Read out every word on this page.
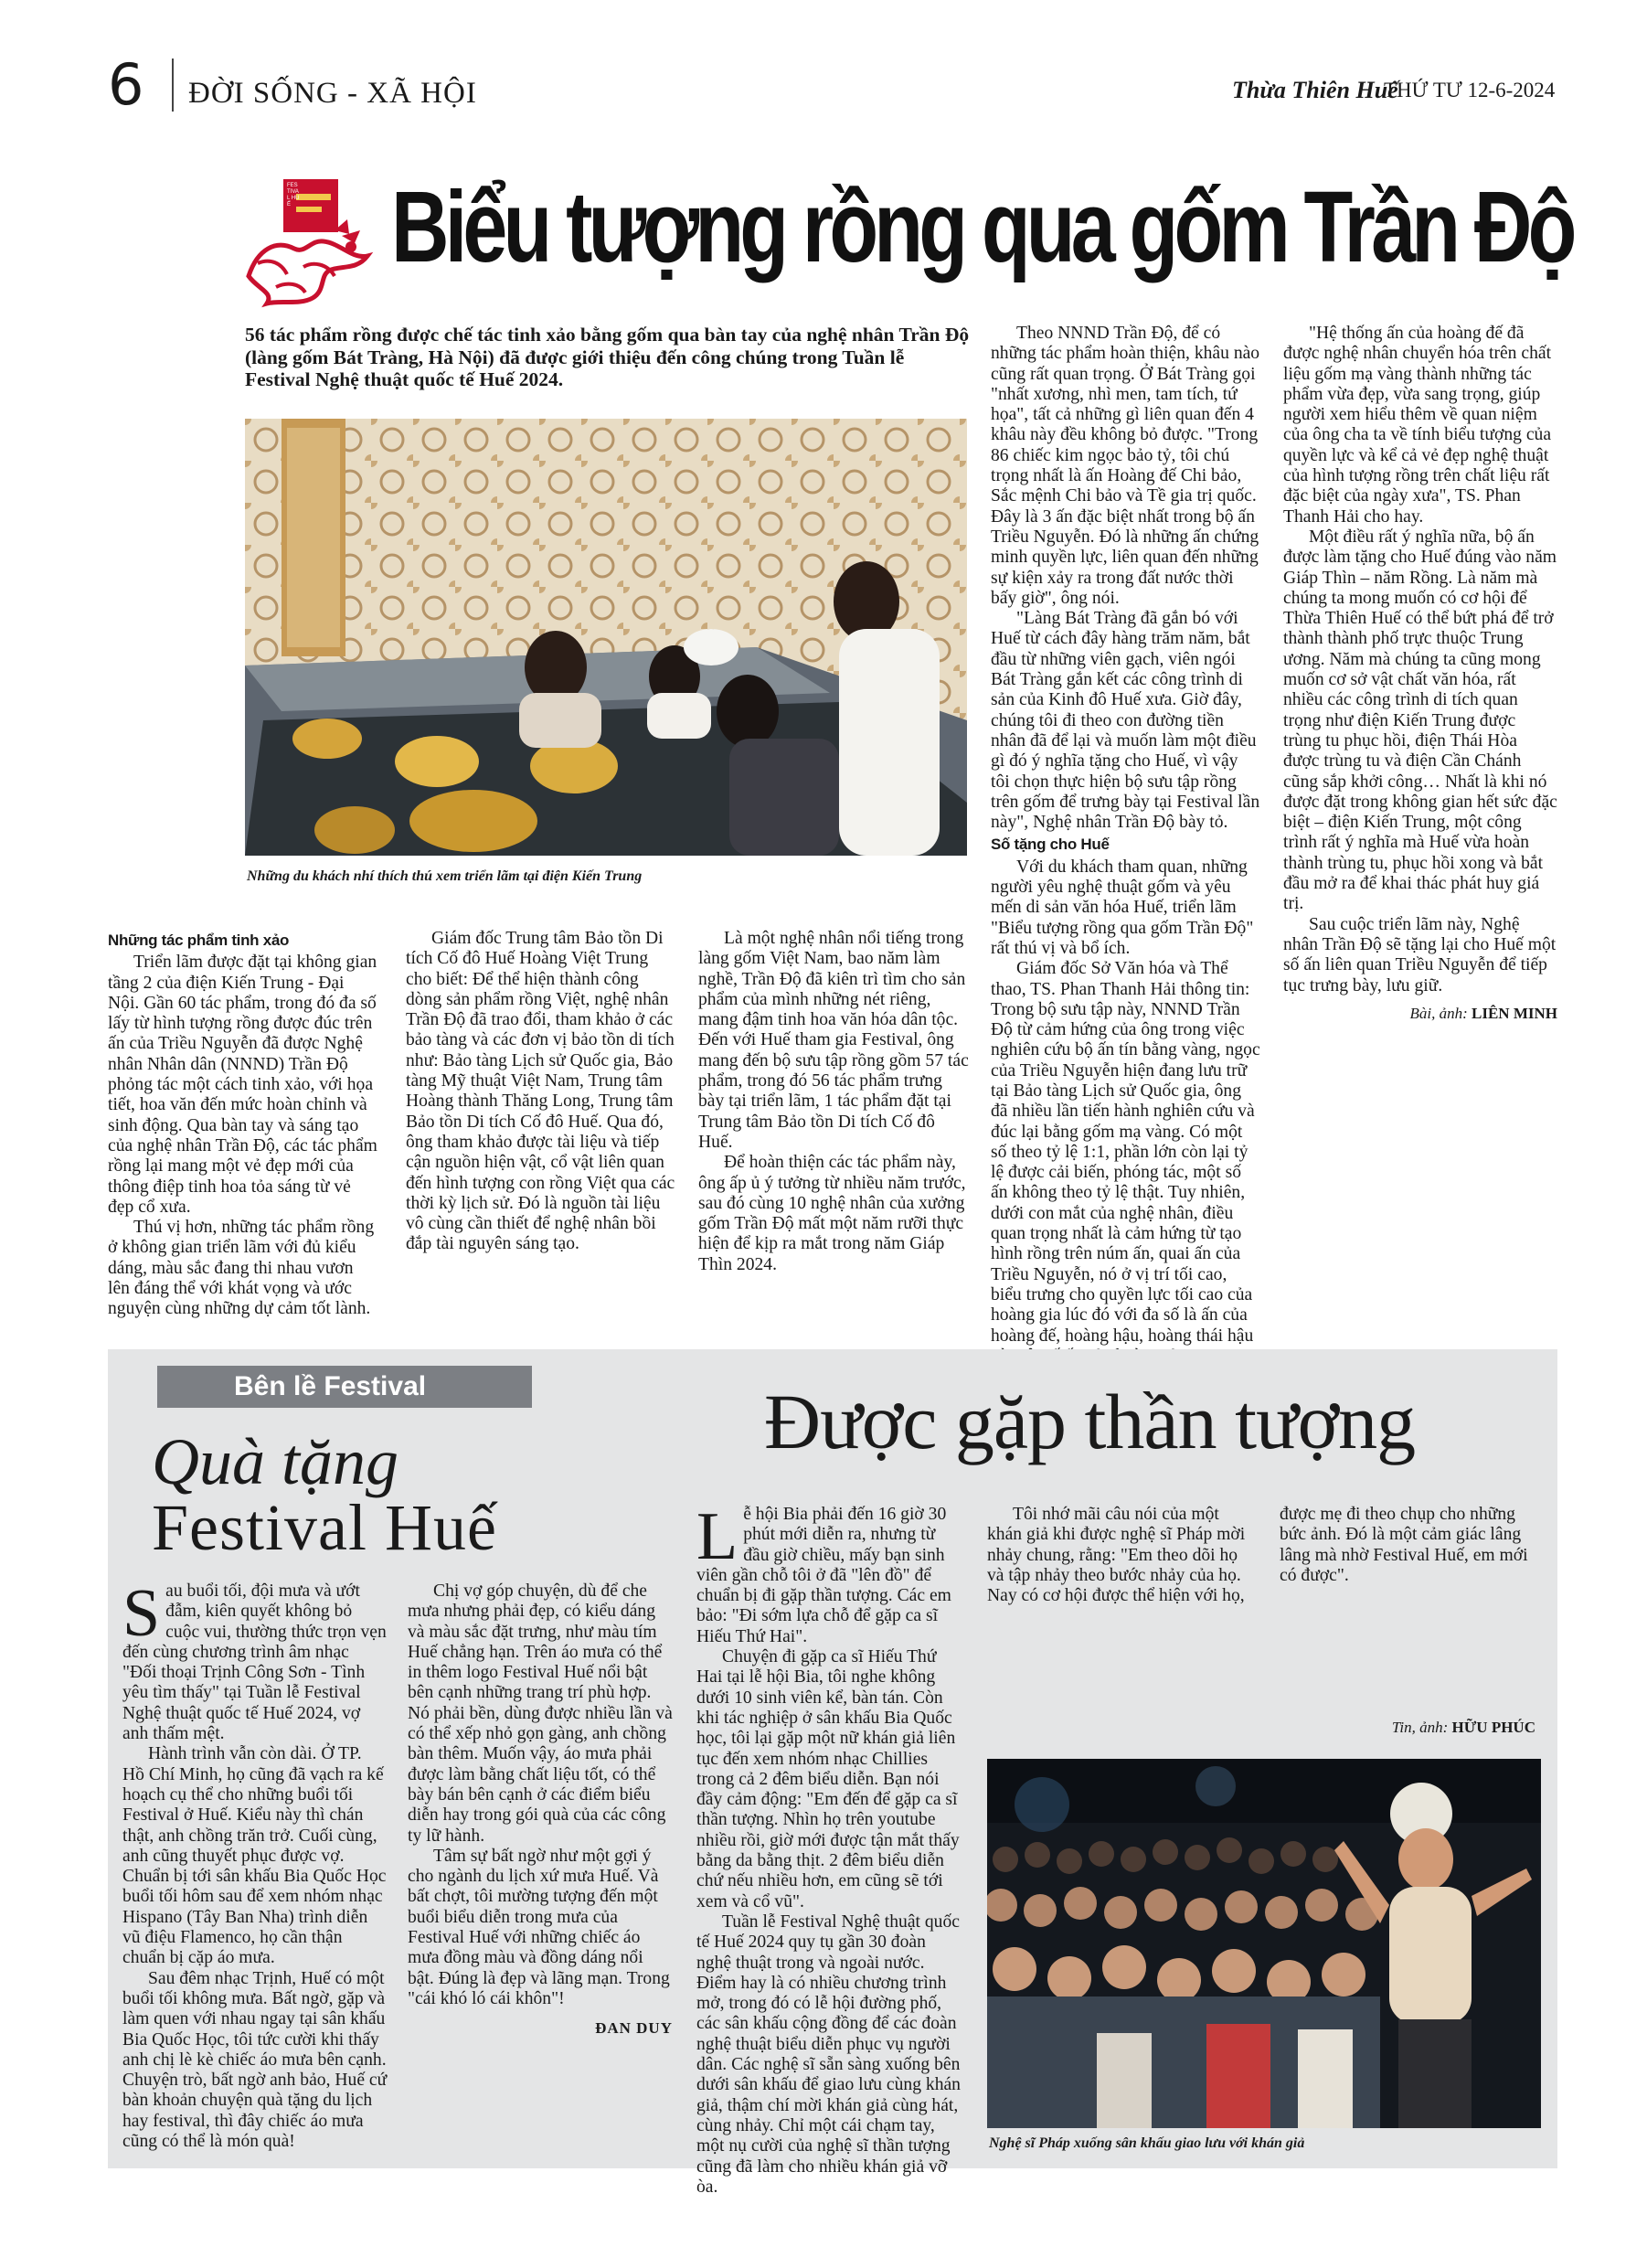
6 ĐỜI SỐNG - XÃ HỘI	Thừa Thiên Huế
THỨ TƯ 12-6-2024
FESTIVAL HUẾ Biểu tượng rồng qua gốm Trần Độ
56 tác phẩm rồng được chế tác tinh xảo bằng gốm qua bàn tay của nghệ nhân Trần Độ (làng gốm Bát Tràng, Hà Nội) đã được giới thiệu đến công chúng trong Tuần lễ Festival Nghệ thuật quốc tế Huế 2024.
Những du khách nhí thích thú xem triển lãm tại điện Kiến Trung
Những tác phẩm tinh xảo

Triển lãm được đặt tại không gian tầng 2 của điện Kiến Trung - Đại Nội. Gần 60 tác phẩm, trong đó đa số lấy từ hình tượng rồng được đúc trên ấn của Triều Nguyễn đã được Nghệ nhân Nhân dân (NNND) Trần Độ phỏng tác một cách tinh xảo, với họa tiết, hoa văn đến mức hoàn chỉnh và sinh động. Qua bàn tay và sáng tạo của nghệ nhân Trần Độ, các tác phẩm rồng lại mang một vẻ đẹp mới của thông điệp tinh hoa tỏa sáng từ vẻ đẹp cổ xưa.

Thú vị hơn, những tác phẩm rồng ở không gian triển lãm với đủ kiểu dáng, màu sắc đang thi nhau vươn lên đáng thể với khát vọng và ước nguyện cùng những dự cảm tốt lành.

Giám đốc Trung tâm Bảo tồn Di tích Cố đô Huế Hoàng Việt Trung cho biết: Để thể hiện thành công dòng sản phẩm rồng Việt, nghệ nhân Trần Độ đã trao đổi, tham khảo ở các bảo tàng và các đơn vị bảo tồn di tích như: Bảo tàng Lịch sử Quốc gia, Bảo tàng Mỹ thuật Việt Nam, Trung tâm Hoàng thành Thăng Long, Trung tâm Bảo tồn Di tích Cố đô Huế. Qua đó, ông tham khảo được tài liệu và tiếp cận nguồn hiện vật, cổ vật liên quan đến hình tượng con rồng Việt qua các thời kỳ lịch sử. Đó là nguồn tài liệu vô cùng cần thiết để nghệ nhân bồi đắp tài nguyên sáng tạo.

Là một nghệ nhân nổi tiếng trong làng gốm Việt Nam, bao năm làm nghề, Trần Độ đã kiên trì tìm cho sản phẩm của mình những nét riêng, mang đậm tinh hoa văn hóa dân tộc. Đến với Huế tham gia Festival, ông mang đến bộ sưu tập rồng gồm 57 tác phẩm, trong đó 56 tác phẩm trưng bày tại triển lãm, 1 tác phẩm đặt tại Trung tâm Bảo tồn Di tích Cố đô Huế.

Để hoàn thiện các tác phẩm này, ông ấp ủ ý tưởng từ nhiều năm trước, sau đó cùng 10 nghệ nhân của xưởng gốm Trần Độ mất một năm rưỡi thực hiện để kịp ra mắt trong năm Giáp Thìn 2024.

Theo NNND Trần Độ, để có những tác phẩm hoàn thiện, khâu nào cũng rất quan trọng. Ở Bát Tràng gọi "nhất xương, nhì men, tam tích, tứ họa", tất cả những gì liên quan đến 4 khâu này đều không bỏ được. "Trong 86 chiếc kim ngọc bảo tỷ, tôi chú trọng nhất là ấn Hoàng đế Chi bảo, Sắc mệnh Chi bảo và Tề gia trị quốc. Đây là 3 ấn đặc biệt nhất trong bộ ấn Triều Nguyễn. Đó là những ấn chứng minh quyền lực, liên quan đến những sự kiện xảy ra trong đất nước thời bấy giờ", ông nói.

"Làng Bát Tràng đã gắn bó với Huế từ cách đây hàng trăm năm, bắt đầu từ những viên gạch, viên ngói Bát Tràng gắn kết các công trình di sản của Kinh đô Huế xưa. Giờ đây, chúng tôi đi theo con đường tiền nhân đã để lại và muốn làm một điều gì đó ý nghĩa tặng cho Huế, vì vậy tôi chọn thực hiện bộ sưu tập rồng trên gốm để trưng bày tại Festival lần này", Nghệ nhân Trần Độ bày tỏ.

Số tặng cho Huế

Với du khách tham quan, những người yêu nghệ thuật gốm và yêu mến di sản văn hóa Huế, triển lãm "Biểu tượng rồng qua gốm Trần Độ" rất thú vị và bổ ích.

Giám đốc Sở Văn hóa và Thể thao, TS. Phan Thanh Hải thông tin: Trong bộ sưu tập này, NNND Trần Độ từ cảm hứng của ông trong việc nghiên cứu bộ ấn tín bằng vàng, ngọc của Triều Nguyễn hiện đang lưu trữ tại Bảo tàng Lịch sử Quốc gia, ông đã nhiều lần tiến hành nghiên cứu và đúc lại bằng gốm mạ vàng. Có một số theo tỷ lệ 1:1, phần lớn còn lại tỷ lệ được cải biến, phóng tác, một số ấn không theo tỷ lệ thật. Tuy nhiên, dưới con mắt của nghệ nhân, điều quan trọng nhất là cảm hứng từ tạo hình rồng trên núm ấn, quai ấn của Triều Nguyễn, nó ở vị trí tối cao, biểu trưng cho quyền lực tối cao của hoàng gia lúc đó với đa số là ấn của hoàng đế, hoàng hậu, hoàng thái hậu

"Hệ thống ấn của hoàng đế đã được nghệ nhân chuyển hóa trên chất liệu gốm mạ vàng thành những tác phẩm vừa đẹp, vừa sang trọng, giúp người xem hiểu thêm về quan niệm của ông cha ta về tính biểu tượng của quyền lực và kể cả vẻ đẹp nghệ thuật của hình tượng rồng trên chất liệu rất đặc biệt của ngày xưa", TS. Phan Thanh Hải cho hay.

Một điều rất ý nghĩa nữa, bộ ấn được làm tặng cho Huế đúng vào năm Giáp Thìn – năm Rồng. Là năm mà chúng ta mong muốn có cơ hội để Thừa Thiên Huế có thể bứt phá để trở thành thành phố trực thuộc Trung ương. Năm mà chúng ta cũng mong muốn cơ sở vật chất văn hóa, rất nhiều các công trình di tích quan trọng như điện Kiến Trung được trùng tu phục hồi, điện Thái Hòa được trùng tu và điện Cần Chánh cũng sắp khởi công… Nhất là khi nó được đặt trong không gian hết sức đặc biệt – điện Kiến Trung, một công trình rất ý nghĩa mà Huế vừa hoàn thành trùng tu, phục hồi xong và bắt đầu mở ra để khai thác phát huy giá trị.

Sau cuộc triển lãm này, Nghệ nhân Trần Độ sẽ tặng lại cho Huế một số ấn liên quan Triều Nguyễn để tiếp tục trưng bày, lưu giữ.

Bài, ảnh: LIÊN MINH
Bên lề Festival
Quà tặng
Festival Huế
Được gặp thần tượng

S au buổi tối, đội mưa và ướt đẫm, kiên quyết không bỏ cuộc vui, thường thức trọn vẹn đến cùng chương trình âm nhạc "Đối thoại Trịnh Công Sơn - Tình yêu tìm thấy" tại Tuần lễ Festival Nghệ thuật quốc tế Huế 2024, vợ anh thấm mệt.

Hành trình vẫn còn dài. Ở TP. Hồ Chí Minh, họ cũng đã vạch ra kế hoạch cụ thể cho những buổi tối Festival ở Huế. Kiểu này thì chán thật, anh chồng trăn trở. Cuối cùng, anh cũng thuyết phục được vợ. Chuẩn bị tới sân khấu Bia Quốc Học buổi tối hôm sau để xem nhóm nhạc Hispano (Tây Ban Nha) trình diễn vũ điệu Flamenco, họ cần thận chuẩn bị cặp áo mưa.

Sau đêm nhạc Trịnh, Huế có một buổi tối không mưa. Bất ngờ, gặp và làm quen với nhau ngay tại sân khấu Bia Quốc Học, tôi tức cười khi thấy anh chị lè kè chiếc áo mưa bên cạnh. Chuyện trò, bất ngờ anh bảo, Huế cứ bàn khoản chuyện quà tặng du lịch hay festival, thì đây chiếc áo mưa cũng có thể là món quà!

Chị vợ góp chuyện, dù để che mưa nhưng phải đẹp, có kiểu dáng và màu sắc đặt trưng, như màu tím Huế chẳng hạn. Trên áo mưa có thể in thêm logo Festival Huế nổi bật bên cạnh những trang trí phù hợp. Nó phải bền, dùng được nhiều lần và có thể xếp nhỏ gọn gàng, anh chồng bàn thêm. Muốn vậy, áo mưa phải được làm bằng chất liệu tốt, có thể bày bán bên cạnh ở các điểm biểu diễn hay trong gói quà của các công ty lữ hành.

Tâm sự bất ngờ như một gợi ý cho ngành du lịch xứ mưa Huế. Và bất chợt, tôi mường tượng đến một buổi biểu diễn trong mưa của Festival Huế với những chiếc áo mưa đồng màu và đồng dáng nổi bật. Đúng là đẹp và lãng mạn. Trong "cái khó ló cái khôn"!

ĐAN DUY

L ễ hội Bia phải đến 16 giờ 30 phút mới diễn ra, nhưng từ đầu giờ chiều, mấy bạn sinh viên gần chỗ tôi ở đã "lên đồ" để chuẩn bị đi gặp thần tượng. Các em bảo: "Đi sớm lựa chỗ để gặp ca sĩ Hiếu Thứ Hai".

Chuyện đi gặp ca sĩ Hiếu Thứ Hai tại lễ hội Bia, tôi nghe không dưới 10 sinh viên kể, bàn tán. Còn khi tác nghiệp ở sân khấu Bia Quốc học, tôi lại gặp một nữ khán giả liên tục đến xem nhóm nhạc Chillies trong cả 2 đêm biểu diễn. Bạn nói đầy cảm động: "Em đến để gặp ca sĩ thần tượng. Nhìn họ trên youtube nhiều rồi, giờ mới được tận mắt thấy bằng da bằng thịt. 2 đêm biểu diễn chứ nếu nhiều hơn, em cũng sẽ tới xem và cổ vũ".

Tuần lễ Festival Nghệ thuật quốc tế Huế 2024 quy tụ gần 30 đoàn nghệ thuật trong và ngoài nước. Điểm hay là có nhiều chương trình mở, trong đó có lễ hội đường phố, các sân khấu cộng đồng để các đoàn nghệ thuật biểu diễn phục vụ người dân. Các nghệ sĩ sẵn sàng xuống bên dưới sân khấu để giao lưu cùng khán giả, thậm chí mời khán giả cùng hát, cùng nhảy. Chỉ một cái chạm tay, một nụ cười của nghệ sĩ thần tượng cũng đã làm cho nhiều khán giả vỡ òa.

Tôi nhớ mãi câu nói của một khán giả khi được nghệ sĩ Pháp mời nhảy chung, rằng: "Em theo dõi họ và tập nhảy theo bước nhảy của họ. Nay có cơ hội được thể hiện với họ, được mẹ đi theo chụp cho những bức ảnh. Đó là một cảm giác lâng lâng mà nhờ Festival Huế, em mới có được".

Tin, ảnh: HỮU PHÚC
Nghệ sĩ Pháp xuống sân khấu giao lưu với khán giả
